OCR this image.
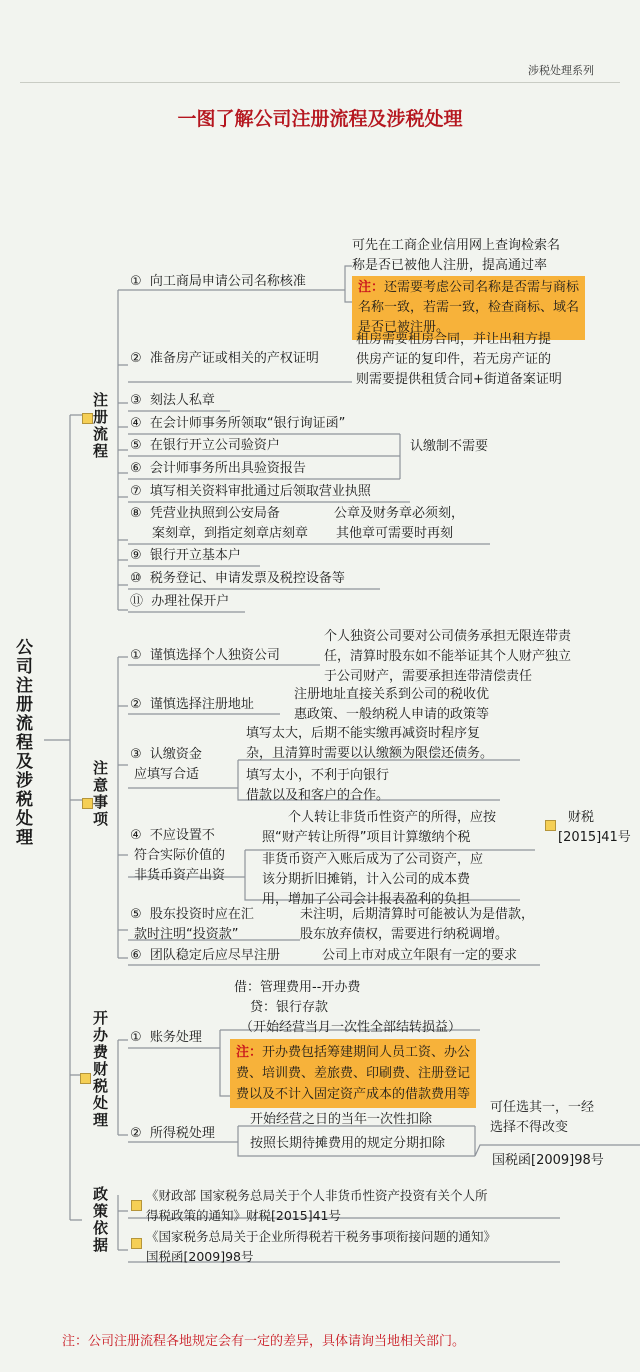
涉税处理系列
一图了解公司注册流程及涉税处理
公司注册流程及涉税处理
注册流程
① 向工商局申请公司名称核准
② 准备房产证或相关的产权证明
③ 刻法人私章
④ 在会计师事务所领取“银行询证函”
⑤ 在银行开立公司验资户
⑥ 会计师事务所出具验资报告
⑦ 填写相关资料审批通过后领取营业执照
⑧ 凭营业执照到公安局备
案刻章，到指定刻章店刻章
⑨ 银行开立基本户
⑩ 税务登记、申请发票及税控设备等
⑪ 办理社保开户
可先在工商企业信用网上查询检索名
称是否已被他人注册，提高通过率
注：还需要考虑公司名称是否需与商标
名称一致，若需一致，检查商标、域名
是否已被注册。
租房需要租房合同，并让出租方提
供房产证的复印件，若无房产证的
则需要提供租赁合同+街道备案证明
认缴制不需要
公章及财务章必须刻，
其他章可需要时再刻
注意事项
① 谨慎选择个人独资公司
② 谨慎选择注册地址
③ 认缴资金
应填写合适
④ 不应设置不
符合实际价值的
非货币资产出资
⑤ 股东投资时应在汇
款时注明“投资款”
⑥ 团队稳定后应尽早注册
个人独资公司要对公司债务承担无限连带责
任，清算时股东如不能举证其个人财产独立
于公司财产，需要承担连带清偿责任
注册地址直接关系到公司的税收优
惠政策、一般纳税人申请的政策等
填写太大，后期不能实缴再减资时程序复
杂，且清算时需要以认缴额为限偿还债务。
填写太小，不利于向银行
借款以及和客户的合作。
个人转让非货币性资产的所得，应按
照“财产转让所得”项目计算缴纳个税
财税
[2015]41号
非货币资产入账后成为了公司资产，应
该分期折旧摊销，计入公司的成本费
用，增加了公司会计报表盈利的负担
未注明，后期清算时可能被认为是借款，
股东放弃债权，需要进行纳税调增。
公司上市对成立年限有一定的要求
开办费财税处理 ① 账务处理
② 所得税处理
借：管理费用--开办费
贷：银行存款
（开始经营当月一次性全部结转损益）
注：开办费包括筹建期间人员工资、办公
费、培训费、差旅费、印刷费、注册登记
费以及不计入固定资产成本的借款费用等
开始经营之日的当年一次性扣除
按照长期待摊费用的规定分期扣除
可任选其一，一经
选择不得改变
国税函[2009]98号
政策依据	《财政部 国家税务总局关于个人非货币性资产投资有关个人所
得税政策的通知》财税[2015]41号
《国家税务总局关于企业所得税若干税务事项衔接问题的通知》
国税函[2009]98号
注：公司注册流程各地规定会有一定的差异，具体请询当地相关部门。
